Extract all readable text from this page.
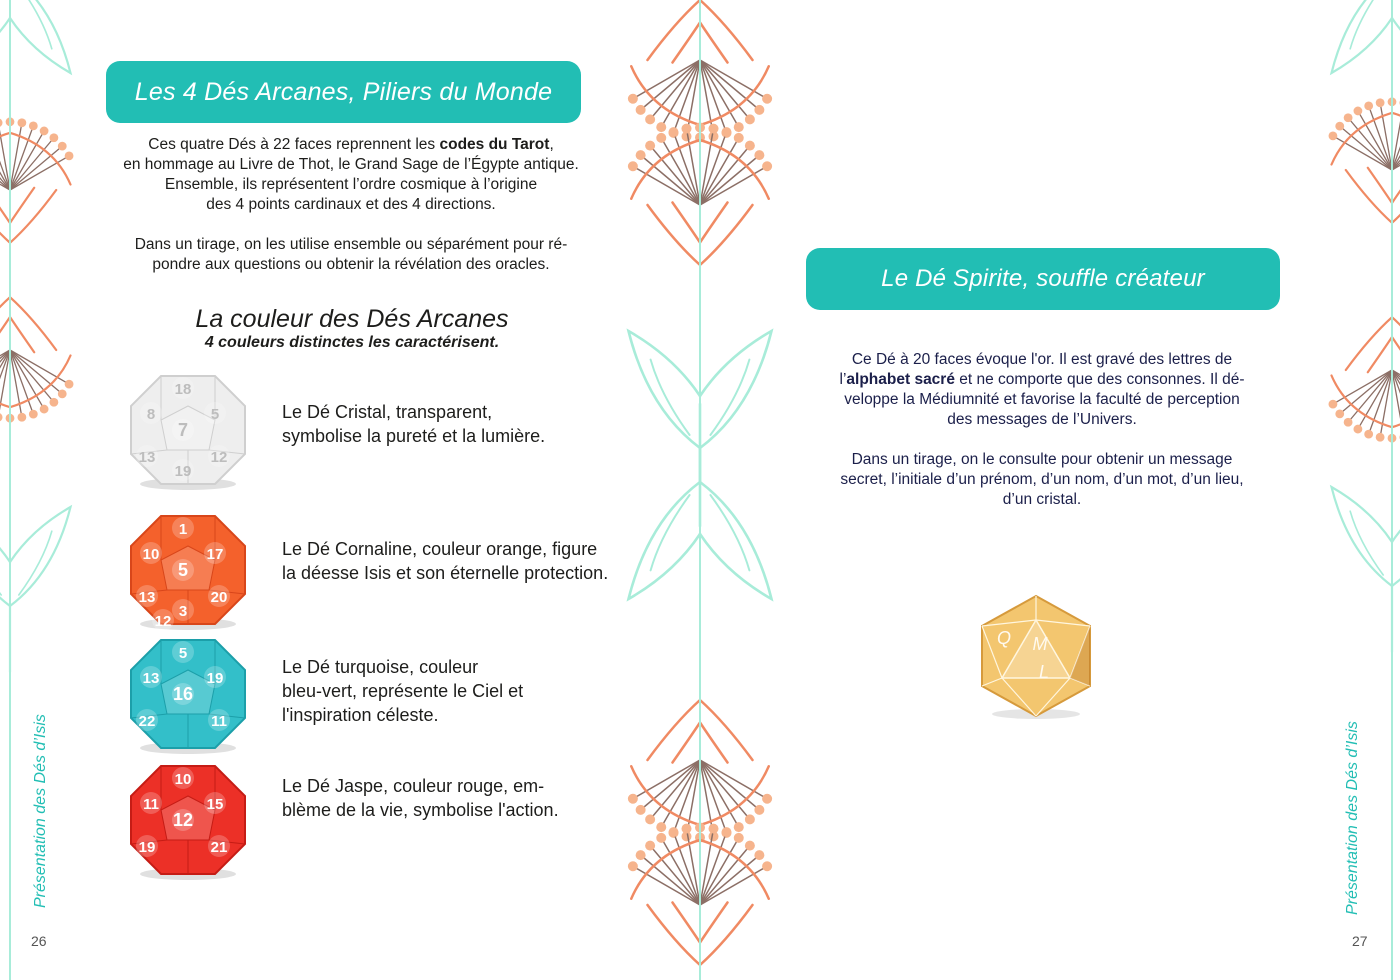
Les 4 Dés Arcanes, Piliers du Monde
Ces quatre Dés à 22 faces reprennent les codes du Tarot,
en hommage au Livre de Thot, le Grand Sage de l’Égypte antique.
Ensemble, ils représentent l’ordre cosmique à l’origine
des 4 points cardinaux et des 4 directions.

Dans un tirage, on les utilise ensemble ou séparément pour ré-
pondre aux questions ou obtenir la révélation des oracles.
La couleur des Dés Arcanes
4 couleurs distinctes les caractérisent.
18
8	5
7
13	12
19
Le Dé Cristal, transparent,
symbolise la pureté et la lumière.
1
10	17
5
13	20
3
12
Le Dé Cornaline, couleur orange, figure
la déesse Isis et son éternelle protection.
5
13	19
16
22	11
Le Dé turquoise, couleur
bleu-vert, représente le Ciel et
l'inspiration céleste.
10
11	15
12
19	21
Le Dé Jaspe, couleur rouge, em-
blème de la vie, symbolise l'action.
Présentation des Dés d’Isis
26
Le Dé Spirite, souffle créateur
Ce Dé à 20 faces évoque l'or. Il est gravé des lettres de
l’alphabet sacré et ne comporte que des consonnes. Il dé-
veloppe la Médiumnité et favorise la faculté de perception
des messages de l’Univers.

Dans un tirage, on le consulte pour obtenir un message
secret, l’initiale d’un prénom, d’un nom, d’un mot, d’un lieu,
d’un cristal.
Q M
L
Présentation des Dés d’Isis
27
